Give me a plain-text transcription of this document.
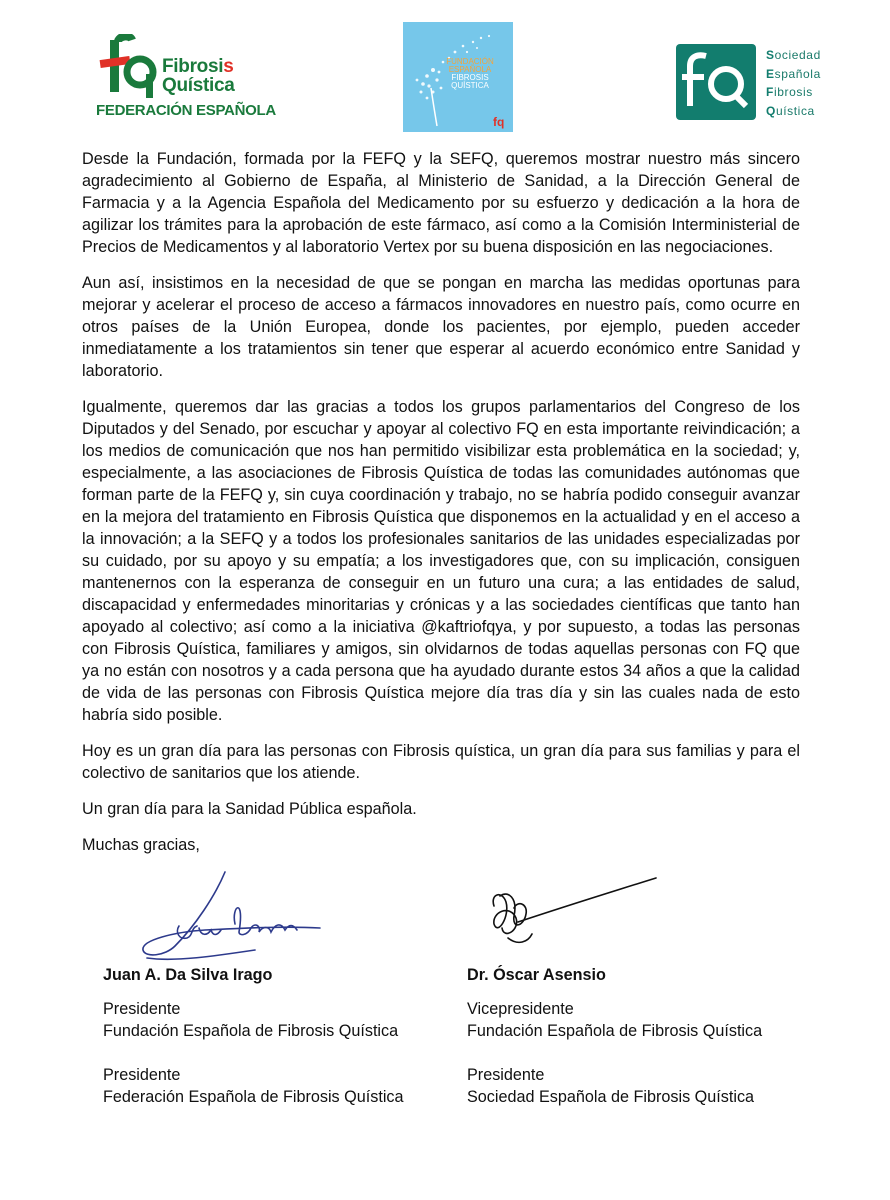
Fibrosis
Quística
FEDERACIÓN ESPAÑOLA
fq
FUNDACIÓN
ESPAÑOLA
FIBROSIS
QUÍSTICA
Sociedad
Española
Fibrosis
Quística

Desde la Fundación, formada por la FEFQ y la SEFQ, queremos mostrar nuestro más sincero agradecimiento al Gobierno de España, al Ministerio de Sanidad, a la Dirección General de Farmacia y a la Agencia Española del Medicamento por su esfuerzo y dedicación a la hora de agilizar los trámites para la aprobación de este fármaco, así como a la Comisión Interministerial de Precios de Medicamentos y al laboratorio Vertex por su buena disposición en las negociaciones.

Aun así, insistimos en la necesidad de que se pongan en marcha las medidas oportunas para mejorar y acelerar el proceso de acceso a fármacos innovadores en nuestro país, como ocurre en otros países de la Unión Europea, donde los pacientes, por ejemplo, pueden acceder inmediatamente a los tratamientos sin tener que esperar al acuerdo económico entre Sanidad y laboratorio.

Igualmente, queremos dar las gracias a todos los grupos parlamentarios del Congreso de los Diputados y del Senado, por escuchar y apoyar al colectivo FQ en esta importante reivindicación; a los medios de comunicación que nos han permitido visibilizar esta problemática en la sociedad; y, especialmente, a las asociaciones de Fibrosis Quística de todas las comunidades autónomas que forman parte de la FEFQ y, sin cuya coordinación y trabajo, no se habría podido conseguir avanzar en la mejora del tratamiento en Fibrosis Quística que disponemos en la actualidad y en el acceso a la innovación; a la SEFQ y a todos los profesionales sanitarios de las unidades especializadas por su cuidado, por su apoyo y su empatía; a los investigadores que, con su implicación, consiguen mantenernos con la esperanza de conseguir en un futuro una cura; a las entidades de salud, discapacidad y enfermedades minoritarias y crónicas y a las sociedades científicas que tanto han apoyado al colectivo; así como a la iniciativa @kaftriofqya, y por supuesto, a todas las personas con Fibrosis Quística, familiares y amigos, sin olvidarnos de todas aquellas personas con FQ que ya no están con nosotros y a cada persona que ha ayudado durante estos 34 años a que la calidad de vida de las personas con Fibrosis Quística mejore día tras día y sin las cuales nada de esto habría sido posible.

Hoy es un gran día para las personas con Fibrosis quística, un gran día para sus familias y para el colectivo de sanitarios que los atiende.

Un gran día para la Sanidad Pública española.

Muchas gracias,

Juan A. Da Silva Irago
Presidente
Fundación Española de Fibrosis Quística
Presidente
Federación Española de Fibrosis Quística
Dr. Óscar Asensio
Vicepresidente
Fundación Española de Fibrosis Quística
Presidente
Sociedad Española de Fibrosis Quística
